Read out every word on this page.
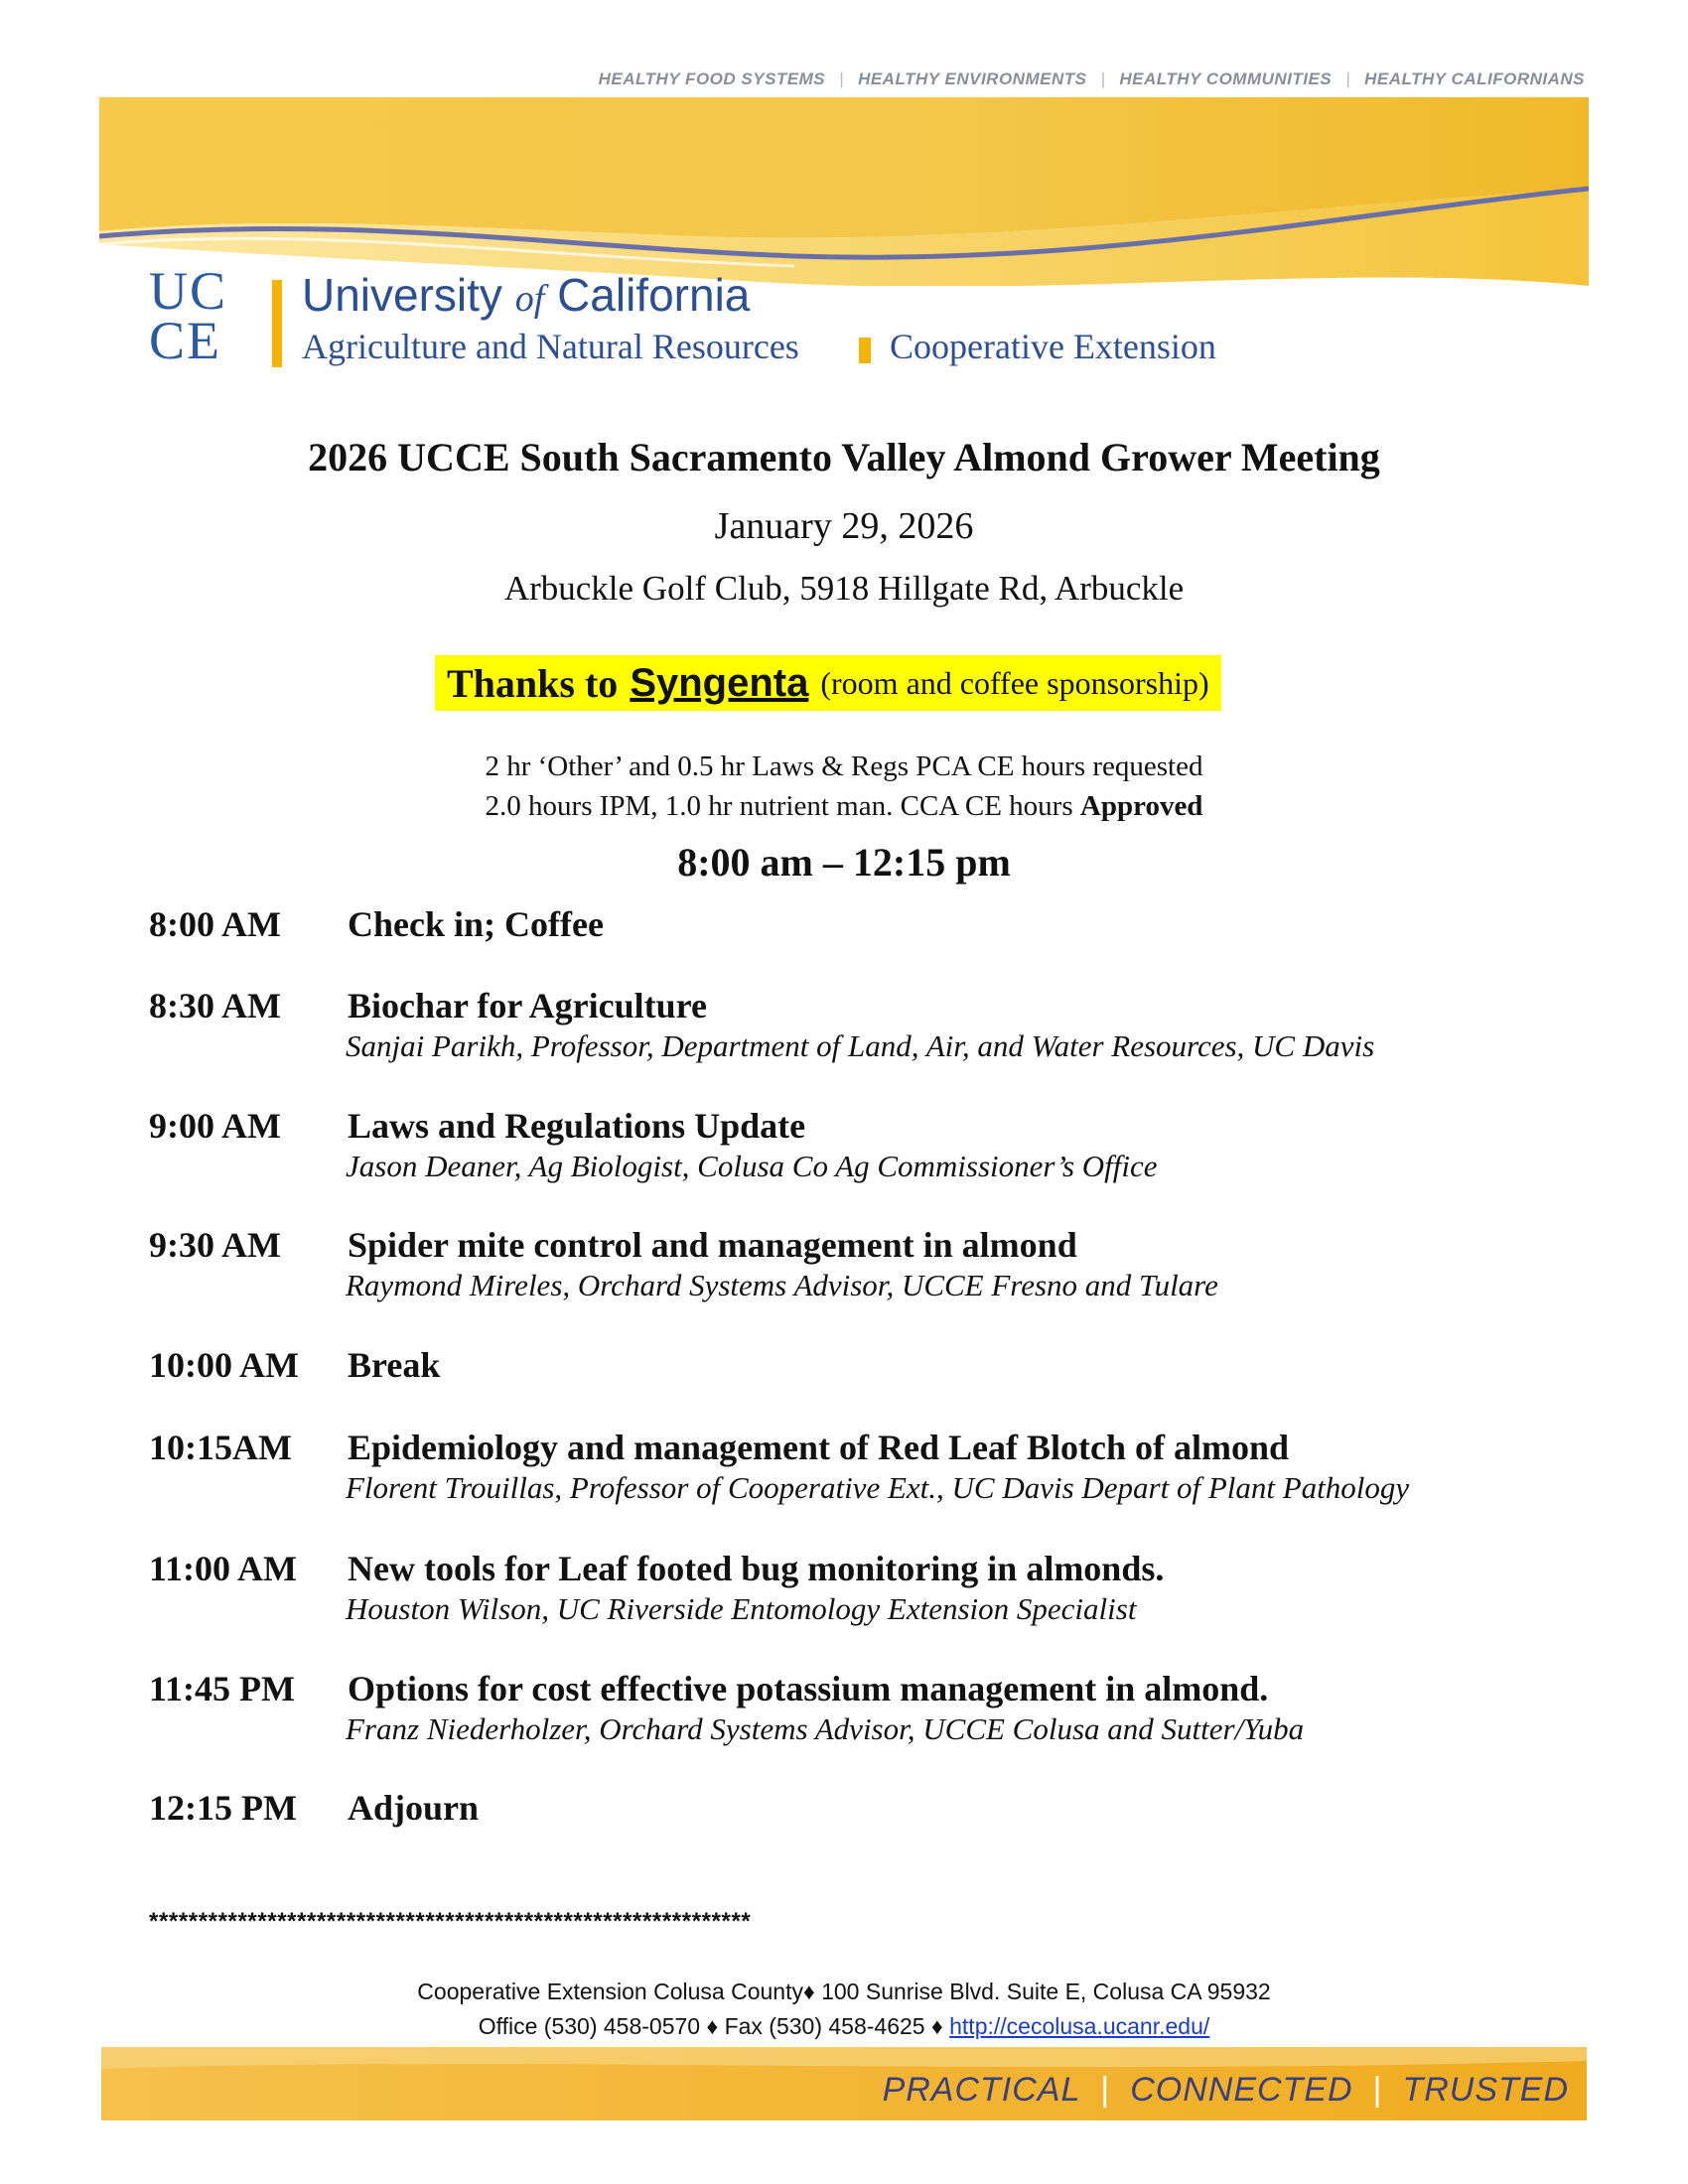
HEALTHY FOOD SYSTEMS | HEALTHY ENVIRONMENTS | HEALTHY COMMUNITIES | HEALTHY CALIFORNIANS
UC
CE
University of California
Agriculture and Natural Resources	Cooperative Extension
2026 UCCE South Sacramento Valley Almond Grower Meeting
January 29, 2026
Arbuckle Golf Club, 5918 Hillgate Rd, Arbuckle
Thanks to Syngenta (room and coffee sponsorship)
2 hr ‘Other’ and 0.5 hr Laws & Regs PCA CE hours requested
2.0 hours IPM, 1.0 hr nutrient man. CCA CE hours Approved
8:00 am – 12:15 pm
8:00 AM Check in; Coffee
8:30 AM Biochar for Agriculture
Sanjai Parikh, Professor, Department of Land, Air, and Water Resources, UC Davis
9:00 AM Laws and Regulations Update
Jason Deaner, Ag Biologist, Colusa Co Ag Commissioner’s Office
9:30 AM Spider mite control and management in almond
Raymond Mireles, Orchard Systems Advisor, UCCE Fresno and Tulare
10:00 AM Break
10:15AM Epidemiology and management of Red Leaf Blotch of almond
Florent Trouillas, Professor of Cooperative Ext., UC Davis Depart of Plant Pathology
11:00 AM New tools for Leaf footed bug monitoring in almonds.
Houston Wilson, UC Riverside Entomology Extension Specialist
11:45 PM Options for cost effective potassium management in almond.
Franz Niederholzer, Orchard Systems Advisor, UCCE Colusa and Sutter/Yuba
12:15 PM Adjourn
*************************************************************
Cooperative Extension Colusa County♦ 100 Sunrise Blvd. Suite E, Colusa CA 95932
Office (530) 458-0570 ♦ Fax (530) 458-4625 ♦ http://cecolusa.ucanr.edu/
PRACTICAL | CONNECTED | TRUSTED
